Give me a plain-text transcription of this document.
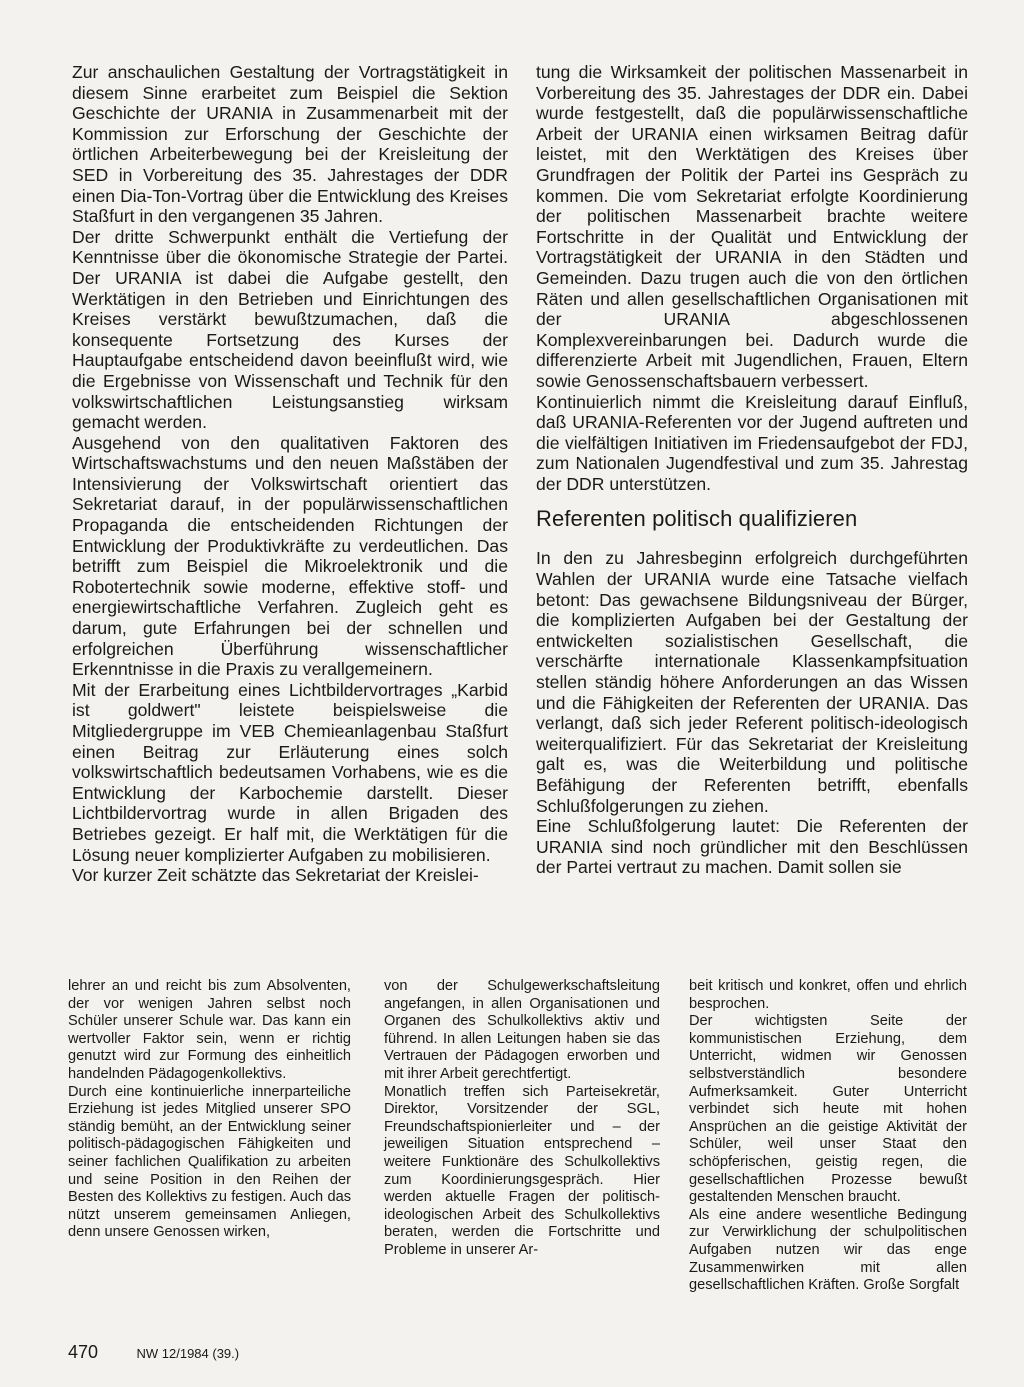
Zur anschaulichen Gestaltung der Vortragstätigkeit in diesem Sinne erarbeitet zum Beispiel die Sektion Geschichte der URANIA in Zusammenarbeit mit der Kommission zur Erforschung der Geschichte der örtlichen Arbeiterbewegung bei der Kreisleitung der SED in Vorbereitung des 35. Jahrestages der DDR einen Dia-Ton-Vortrag über die Entwicklung des Kreises Staßfurt in den vergangenen 35 Jahren.

Der dritte Schwerpunkt enthält die Vertiefung der Kenntnisse über die ökonomische Strategie der Partei. Der URANIA ist dabei die Aufgabe gestellt, den Werktätigen in den Betrieben und Einrichtungen des Kreises verstärkt bewußtzumachen, daß die konsequente Fortsetzung des Kurses der Hauptaufgabe entscheidend davon beeinflußt wird, wie die Ergebnisse von Wissenschaft und Technik für den volkswirtschaftlichen Leistungsanstieg wirksam gemacht werden.

Ausgehend von den qualitativen Faktoren des Wirtschaftswachstums und den neuen Maßstäben der Intensivierung der Volkswirtschaft orientiert das Sekretariat darauf, in der populärwissenschaftlichen Propaganda die entscheidenden Richtungen der Entwicklung der Produktivkräfte zu verdeutlichen. Das betrifft zum Beispiel die Mikroelektronik und die Robotertechnik sowie moderne, effektive stoff- und energiewirtschaftliche Verfahren. Zugleich geht es darum, gute Erfahrungen bei der schnellen und erfolgreichen Überführung wissenschaftlicher Erkenntnisse in die Praxis zu verallgemeinern.

Mit der Erarbeitung eines Lichtbildervortrages „Karbid ist goldwert" leistete beispielsweise die Mitgliedergruppe im VEB Chemieanlagenbau Staßfurt einen Beitrag zur Erläuterung eines solch volkswirtschaftlich bedeutsamen Vorhabens, wie es die Entwicklung der Karbochemie darstellt. Dieser Lichtbildervortrag wurde in allen Brigaden des Betriebes gezeigt. Er half mit, die Werktätigen für die Lösung neuer komplizierter Aufgaben zu mobilisieren.

Vor kurzer Zeit schätzte das Sekretariat der Kreislei-

tung die Wirksamkeit der politischen Massenarbeit in Vorbereitung des 35. Jahrestages der DDR ein. Dabei wurde festgestellt, daß die populärwissenschaftliche Arbeit der URANIA einen wirksamen Beitrag dafür leistet, mit den Werktätigen des Kreises über Grundfragen der Politik der Partei ins Gespräch zu kommen. Die vom Sekretariat erfolgte Koordinierung der politischen Massenarbeit brachte weitere Fortschritte in der Qualität und Entwicklung der Vortragstätigkeit der URANIA in den Städten und Gemeinden. Dazu trugen auch die von den örtlichen Räten und allen gesellschaftlichen Organisationen mit der URANIA abgeschlossenen Komplexvereinbarungen bei. Dadurch wurde die differenzierte Arbeit mit Jugendlichen, Frauen, Eltern sowie Genossenschaftsbauern verbessert.

Kontinuierlich nimmt die Kreisleitung darauf Einfluß, daß URANIA-Referenten vor der Jugend auftreten und die vielfältigen Initiativen im Friedensaufgebot der FDJ, zum Nationalen Jugendfestival und zum 35. Jahrestag der DDR unterstützen.

Referenten politisch qualifizieren

In den zu Jahresbeginn erfolgreich durchgeführten Wahlen der URANIA wurde eine Tatsache vielfach betont: Das gewachsene Bildungsniveau der Bürger, die komplizierten Aufgaben bei der Gestaltung der entwickelten sozialistischen Gesellschaft, die verschärfte internationale Klassenkampfsituation stellen ständig höhere Anforderungen an das Wissen und die Fähigkeiten der Referenten der URANIA. Das verlangt, daß sich jeder Referent politisch-ideologisch weiterqualifiziert. Für das Sekretariat der Kreisleitung galt es, was die Weiterbildung und politische Befähigung der Referenten betrifft, ebenfalls Schlußfolgerungen zu ziehen.

Eine Schlußfolgerung lautet: Die Referenten der URANIA sind noch gründlicher mit den Beschlüssen der Partei vertraut zu machen. Damit sollen sie

lehrer an und reicht bis zum Absolventen, der vor wenigen Jahren selbst noch Schüler unserer Schule war. Das kann ein wertvoller Faktor sein, wenn er richtig genutzt wird zur Formung des einheitlich handelnden Pädagogenkollektivs.

Durch eine kontinuierliche innerparteiliche Erziehung ist jedes Mitglied unserer SPO ständig bemüht, an der Entwicklung seiner politisch-pädagogischen Fähigkeiten und seiner fachlichen Qualifikation zu arbeiten und seine Position in den Reihen der Besten des Kollektivs zu festigen. Auch das nützt unserem gemeinsamen Anliegen, denn unsere Genossen wirken,

von der Schulgewerkschaftsleitung angefangen, in allen Organisationen und Organen des Schulkollektivs aktiv und führend. In allen Leitungen haben sie das Vertrauen der Pädagogen erworben und mit ihrer Arbeit gerechtfertigt.

Monatlich treffen sich Parteisekretär, Direktor, Vorsitzender der SGL, Freundschaftspionierleiter und – der jeweiligen Situation entsprechend – weitere Funktionäre des Schulkollektivs zum Koordinierungsgespräch. Hier werden aktuelle Fragen der politisch-ideologischen Arbeit des Schulkollektivs beraten, werden die Fortschritte und Probleme in unserer Ar-

beit kritisch und konkret, offen und ehrlich besprochen.

Der wichtigsten Seite der kommunistischen Erziehung, dem Unterricht, widmen wir Genossen selbstverständlich besondere Aufmerksamkeit. Guter Unterricht verbindet sich heute mit hohen Ansprüchen an die geistige Aktivität der Schüler, weil unser Staat den schöpferischen, geistig regen, die gesellschaftlichen Prozesse bewußt gestaltenden Menschen braucht.

Als eine andere wesentliche Bedingung zur Verwirklichung der schulpolitischen Aufgaben nutzen wir das enge Zusammenwirken mit allen gesellschaftlichen Kräften. Große Sorgfalt

470	NW 12/1984 (39.)
